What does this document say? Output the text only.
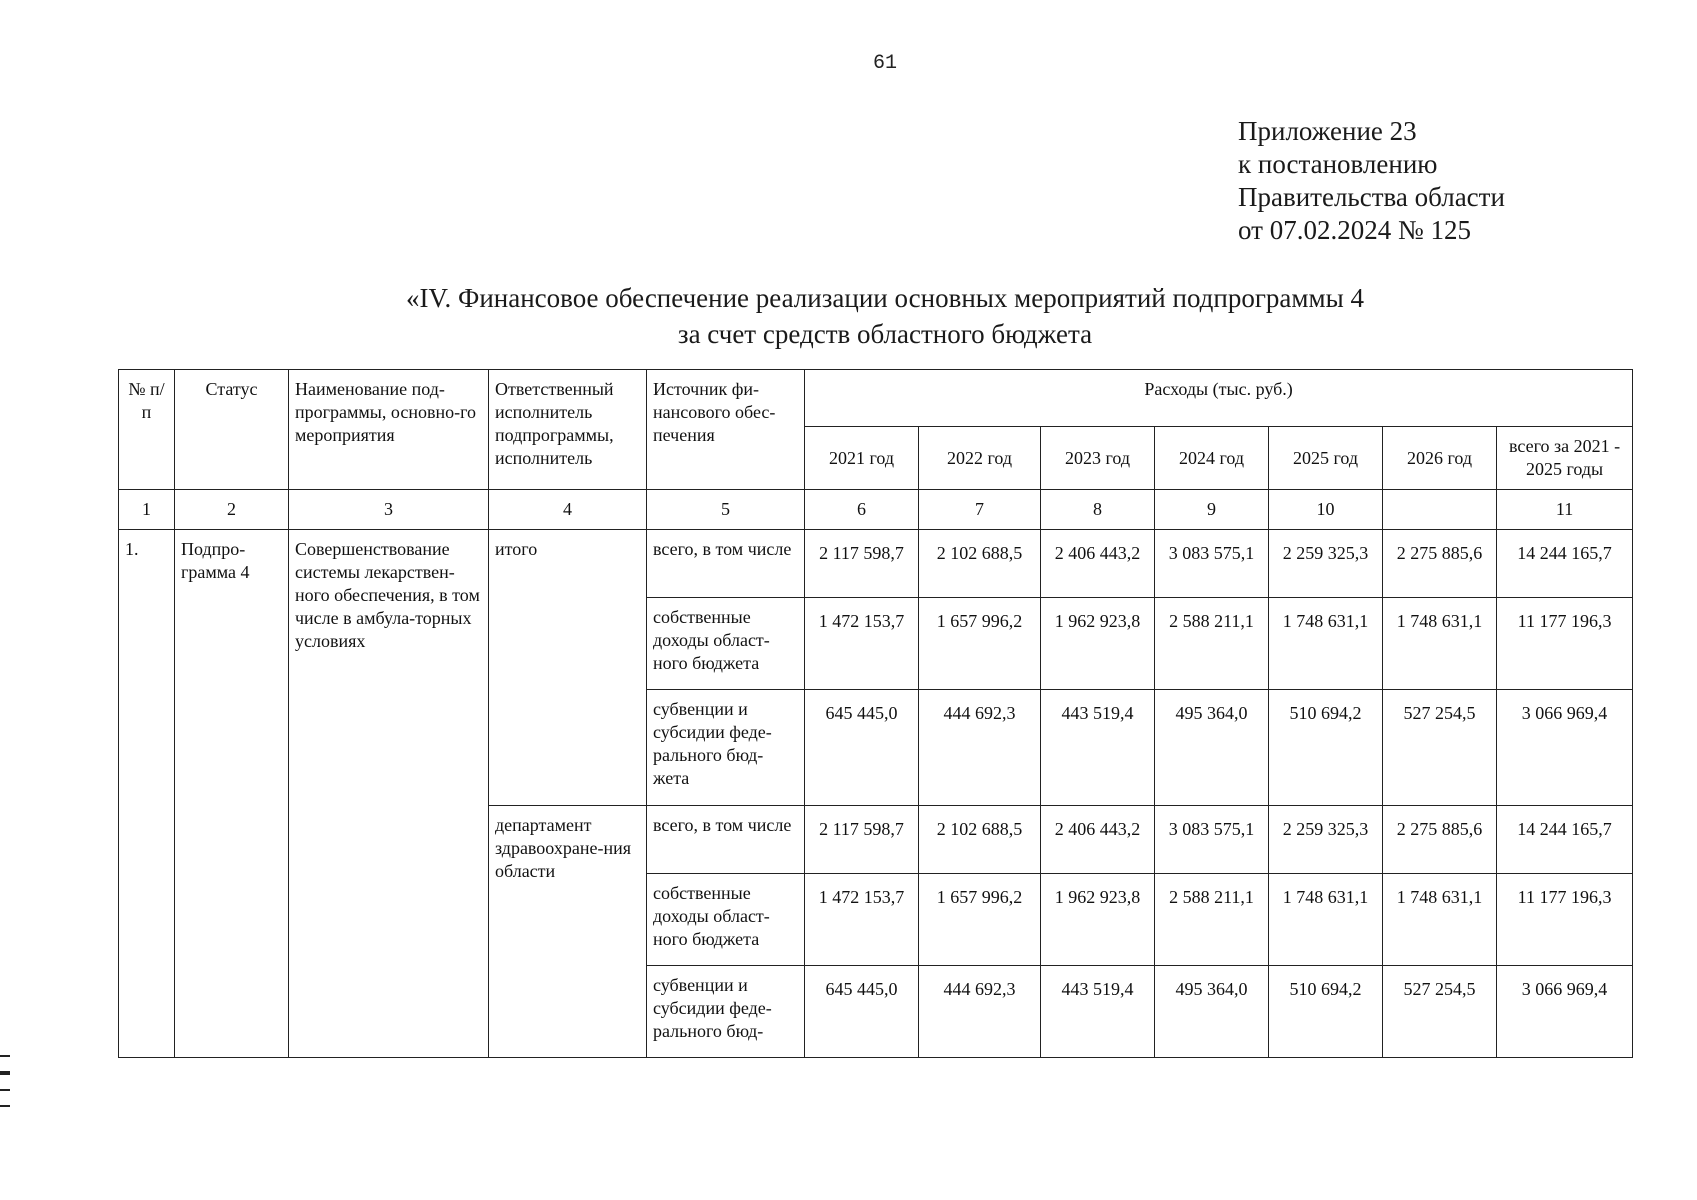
61
Приложение 23
к постановлению
Правительства области
от 07.02.2024 № 125
«IV. Финансовое обеспечение реализации основных мероприятий подпрограммы 4
за счет средств областного бюджета
№ п/п	Статус	Наименование под-программы, основно-го мероприятия	Ответственный исполнитель подпрограммы, исполнитель	Источник фи-нансового обес-печения	Расходы (тыс. руб.)						
					2021 год	2022 год	2023 год	2024 год	2025 год	2026 год	всего за 2021 - 2025 годы
1	2	3	4	5	6	7	8	9	10		11
1.	Подпро-грамма 4	Совершенствование системы лекарствен-ного обеспечения, в том числе в амбула-торных условиях	итого	всего, в том числе	2 117 598,7	2 102 688,5	2 406 443,2	3 083 575,1	2 259 325,3	2 275 885,6	14 244 165,7
				собственные доходы област-ного бюджета	1 472 153,7	1 657 996,2	1 962 923,8	2 588 211,1	1 748 631,1	1 748 631,1	11 177 196,3
				субвенции и субсидии феде-рального бюд-жета	645 445,0	444 692,3	443 519,4	495 364,0	510 694,2	527 254,5	3 066 969,4
			департамент здравоохране-ния области	всего, в том числе	2 117 598,7	2 102 688,5	2 406 443,2	3 083 575,1	2 259 325,3	2 275 885,6	14 244 165,7
				собственные доходы област-ного бюджета	1 472 153,7	1 657 996,2	1 962 923,8	2 588 211,1	1 748 631,1	1 748 631,1	11 177 196,3
				субвенции и субсидии феде-рального бюд-	645 445,0	444 692,3	443 519,4	495 364,0	510 694,2	527 254,5	3 066 969,4
